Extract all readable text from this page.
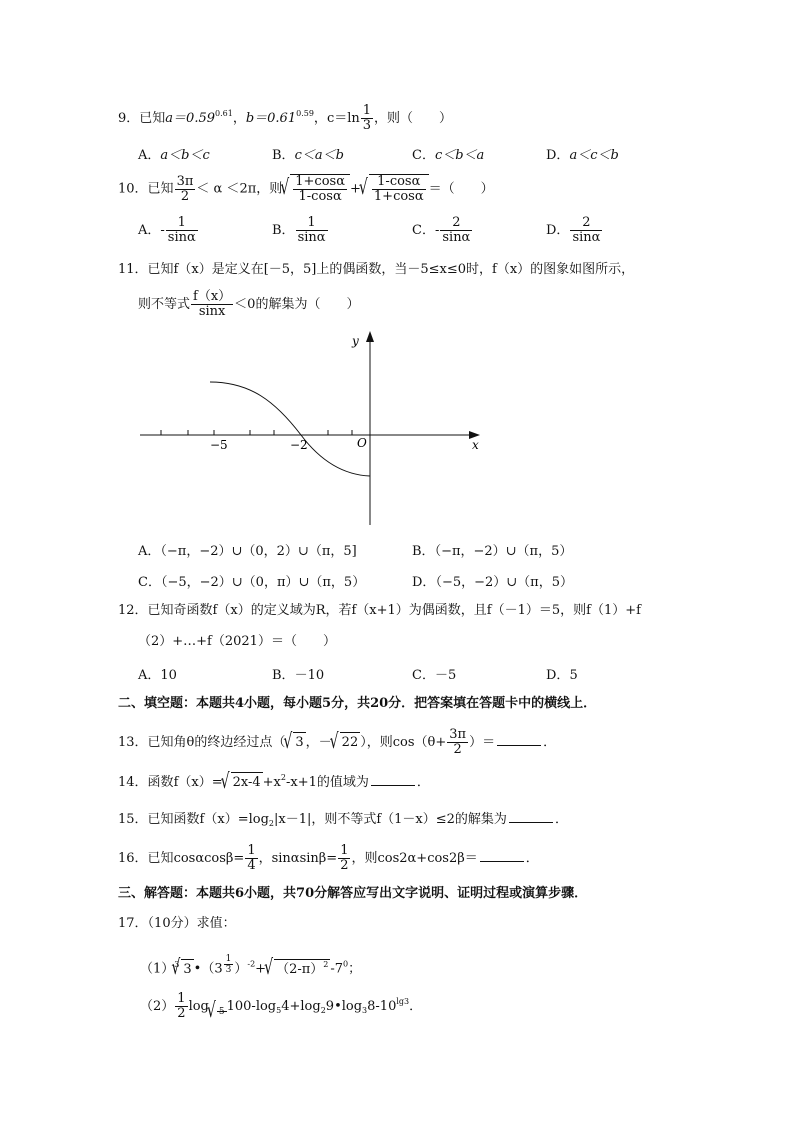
9．已知$a=0.59^{0.61}$，$b=0.61^{0.59}$，$c=\ln \frac{1}{3}$ ，则（　　）
A．a＜b＜c	B．c＜a＜b	C．c＜b＜a	D．a＜c＜b
10．已知 $\frac{3\pi}{2} < \alpha <2\pi$，则
√ $\frac{1+\cos\alpha}{1-\cos\alpha}$ +
√ $\frac{1-\cos\alpha}{1+\cos\alpha}$ ＝（　　）
A．- $\frac{1}{\sin\alpha}$	B． $\frac{1}{\sin\alpha}$	C．- $\frac{2}{\sin\alpha}$	D． $\frac{2}{\sin\alpha}$
11．已知f（x）是定义在[－5，5]上的偶函数，当－5≤x≤0时，f（x）的图象如图所示，
则不等式 $\frac{f(x)}{\sin x} <0$的解集为（　　）
y
x
O
−5	−2
A．（−π，−2）∪（0，2）∪（π，5]	B．（−π，−2）∪（π，5）
C．（−5，−2）∪（0，π）∪（π，5）	D．（−5，−2）∪（π，5）
12．已知奇函数f（x）的定义域为R，若f（x+1）为偶函数，且f（－1）＝5，则f（1）+f
（2）+…+f（2021）＝（　　）
A．10	B．－10	C．－5	D．5
二、填空题：本题共4小题，每小题5分，共20分．把答案填在答题卡中的横线上．
13．已知角θ的终边经过点（√ 3 ，－√ 22 ），则$\cos(\theta+ \frac{3\pi}{2}$ ）＝	．
14．函数f（x）=√ $2x-4 +x^2-x+1$的值域为	．
15．已知函数$f(x)=\log_2|x-1|$，则不等式f（1－x）≤2的解集为	．
16．已知$\cos\alpha\cos\beta= \frac{1}{4}$ ，$\sin\alpha\sin\beta= \frac{1}{2}$ ，则cos2α+cos2β＝	．
三、解答题：本题共6小题，共70分解答应写出文字说明、证明过程或演算步骤．
17．（10分）求值：
$(1)^3√$ 3 •（3 $^{\frac{1}{3}}$ ）$^{-2}$+√ $(2-\pi)^2$ $-7^0$；
$(2) \frac{1}{2} \log√$ $_5$ $100-\log_54+\log_29•\log_38-10^{lg3}$．
